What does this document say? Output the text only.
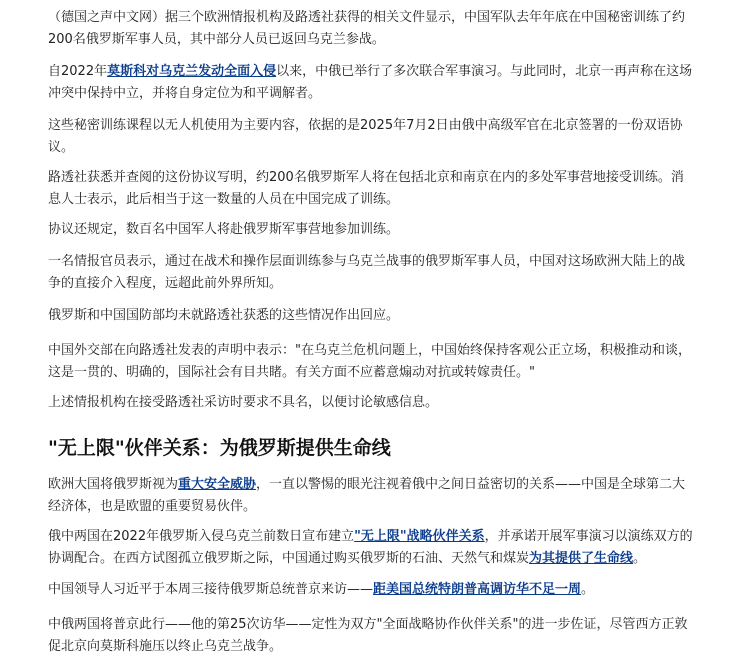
（德国之声中文网）据三个欧洲情报机构及路透社获得的相关文件显示，中国军队去年年底在中国秘密训练了约
200名俄罗斯军事人员，其中部分人员已返回乌克兰参战。

自2022年莫斯科对乌克兰发动全面入侵以来，中俄已举行了多次联合军事演习。与此同时，北京一再声称在这场
冲突中保持中立，并将自身定位为和平调解者。

这些秘密训练课程以无人机使用为主要内容，依据的是2025年7月2日由俄中高级军官在北京签署的一份双语协
议。

路透社获悉并查阅的这份协议写明，约200名俄罗斯军人将在包括北京和南京在内的多处军事营地接受训练。消
息人士表示，此后相当于这一数量的人员在中国完成了训练。

协议还规定，数百名中国军人将赴俄罗斯军事营地参加训练。

一名情报官员表示，通过在战术和操作层面训练参与乌克兰战事的俄罗斯军事人员，中国对这场欧洲大陆上的战
争的直接介入程度，远超此前外界所知。

俄罗斯和中国国防部均未就路透社获悉的这些情况作出回应。

中国外交部在向路透社发表的声明中表示："在乌克兰危机问题上，中国始终保持客观公正立场，积极推动和谈，
这是一贯的、明确的，国际社会有目共睹。有关方面不应蓄意煽动对抗或转嫁责任。"

上述情报机构在接受路透社采访时要求不具名，以便讨论敏感信息。

"无上限"伙伴关系：为俄罗斯提供生命线

欧洲大国将俄罗斯视为重大安全威胁，一直以警惕的眼光注视着俄中之间日益密切的关系——中国是全球第二大
经济体，也是欧盟的重要贸易伙伴。

俄中两国在2022年俄罗斯入侵乌克兰前数日宣布建立"无上限"战略伙伴关系，并承诺开展军事演习以演练双方的
协调配合。在西方试图孤立俄罗斯之际，中国通过购买俄罗斯的石油、天然气和煤炭为其提供了生命线。

中国领导人习近平于本周三接待俄罗斯总统普京来访——距美国总统特朗普高调访华不足一周。

中俄两国将普京此行——他的第25次访华——定性为双方"全面战略协作伙伴关系"的进一步佐证，尽管西方正敦
促北京向莫斯科施压以终止乌克兰战争。
